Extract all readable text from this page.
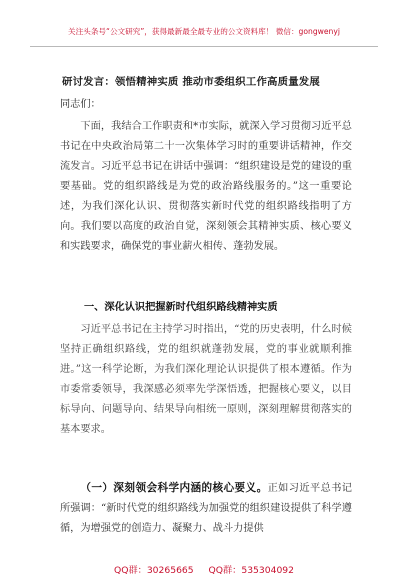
关注头条号“公文研究”，获得最新最全最专业的公文资料库！ 微信：gongwenyj
研讨发言：领悟精神实质 推动市委组织工作高质量发展
同志们：

下面，我结合工作职责和*市实际，就深入学习贯彻习近平总书记在中央政治局第二十一次集体学习时的重要讲话精神，作交流发言。习近平总书记在讲话中强调：“组织建设是党的建设的重要基础。党的组织路线是为党的政治路线服务的。”这一重要论述，为我们深化认识、贯彻落实新时代党的组织路线指明了方向。我们要以高度的政治自觉，深刻领会其精神实质、核心要义和实践要求，确保党的事业薪火相传、蓬勃发展。

一、深化认识把握新时代组织路线精神实质

习近平总书记在主持学习时指出，“党的历史表明，什么时候坚持正确组织路线，党的组织就蓬勃发展，党的事业就顺利推进。”这一科学论断，为我们深化理论认识提供了根本遵循。作为市委常委领导，我深感必须率先学深悟透，把握核心要义，以目标导向、问题导向、结果导向相统一原则，深刻理解贯彻落实的基本要求。

（一）深刻领会科学内涵的核心要义。正如习近平总书记所强调：“新时代党的组织路线为加强党的组织建设提供了科学遵循，为增强党的创造力、凝聚力、战斗力提供

QQ群：30265665 QQ群：535304092
